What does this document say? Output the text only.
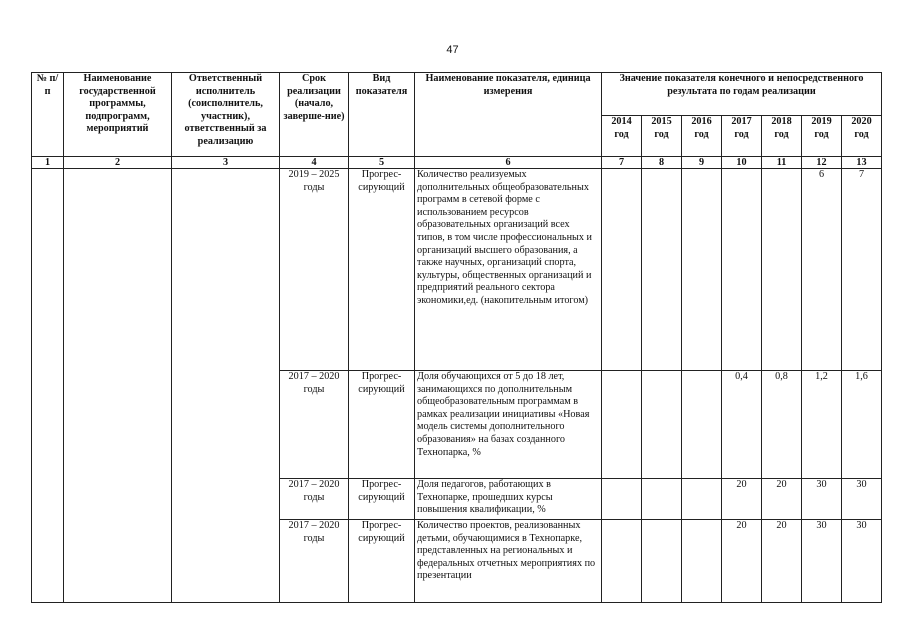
47
№ п/п	Наименование государственной программы, подпрограмм, мероприятий	Ответственный исполнитель (соисполнитель, участник), ответственный за реализацию	Срок реализации (начало, заверше-ние)	Вид показателя	Наименование показателя, единица измерения	Значение показателя конечного и непосредственного результата по годам реализации						
						2014 год	2015 год	2016 год	2017 год	2018 год	2019 год	2020 год
1	2	3	4	5	6	7	8	9	10	11	12	13
			2019 – 2025 годы	Прогрес-сирующий	Количество реализуемых дополнительных общеобразовательных программ в сетевой форме с использованием ресурсов образовательных организаций всех типов, в том числе профессиональных и организаций высшего образования, а также научных, организаций спорта, культуры, общественных организаций и предприятий реального сектора экономики,ед. (накопительным итогом)						6	7
			2017 – 2020 годы	Прогрес-сирующий	Доля обучающихся от 5 до 18 лет, занимающихся по дополнительным общеобразовательным программам в рамках реализации инициативы «Новая модель системы дополнительного образования» на базах созданного Технопарка, %				0,4	0,8	1,2	1,6
			2017 – 2020 годы	Прогрес-сирующий	Доля педагогов, работающих в Технопарке, прошедших курсы повышения квалификации, %				20	20	30	30
			2017 – 2020 годы	Прогрес-сирующий	Количество проектов, реализованных детьми, обучающимися в Технопарке, представленных на региональных и федеральных отчетных мероприятиях по презентации				20	20	30	30
